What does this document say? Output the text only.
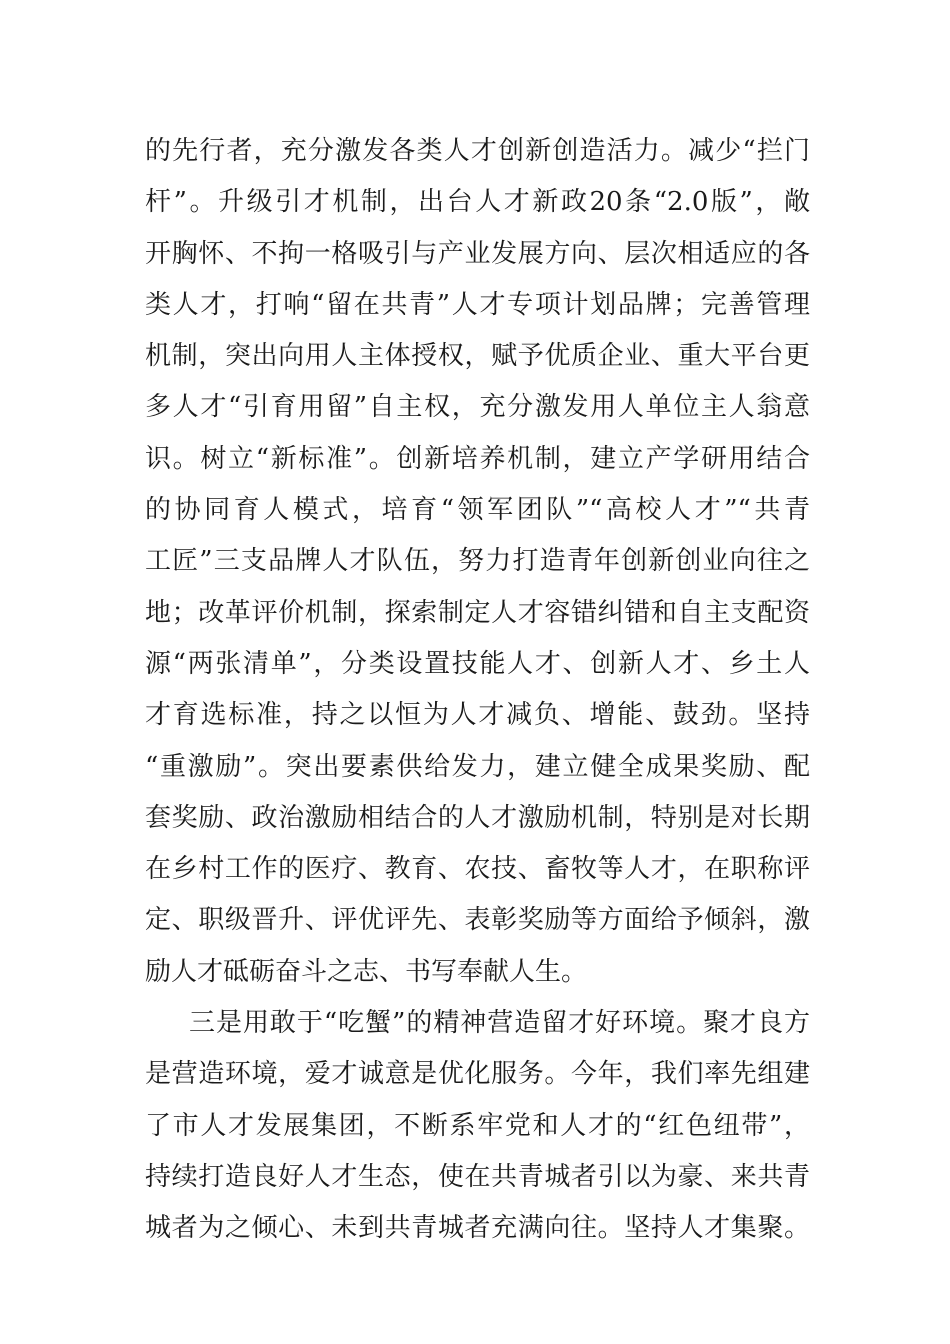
的先行者，充分激发各类人才创新创造活力。减少“拦门
杆”。升级引才机制，出台人才新政20条“2.0版”，敞
开胸怀、不拘一格吸引与产业发展方向、层次相适应的各
类人才，打响“留在共青”人才专项计划品牌；完善管理
机制，突出向用人主体授权，赋予优质企业、重大平台更
多人才“引育用留”自主权，充分激发用人单位主人翁意
识。树立“新标准”。创新培养机制，建立产学研用结合
的协同育人模式，培育“领军团队”“高校人才”“共青
工匠”三支品牌人才队伍，努力打造青年创新创业向往之
地；改革评价机制，探索制定人才容错纠错和自主支配资
源“两张清单”，分类设置技能人才、创新人才、乡土人
才育选标准，持之以恒为人才减负、增能、鼓劲。坚持
“重激励”。突出要素供给发力，建立健全成果奖励、配
套奖励、政治激励相结合的人才激励机制，特别是对长期
在乡村工作的医疗、教育、农技、畜牧等人才，在职称评
定、职级晋升、评优评先、表彰奖励等方面给予倾斜，激
励人才砥砺奋斗之志、书写奉献人生。
三是用敢于“吃蟹”的精神营造留才好环境。聚才良方
是营造环境，爱才诚意是优化服务。今年，我们率先组建
了市人才发展集团，不断系牢党和人才的“红色纽带”，
持续打造良好人才生态，使在共青城者引以为豪、来共青
城者为之倾心、未到共青城者充满向往。坚持人才集聚。
